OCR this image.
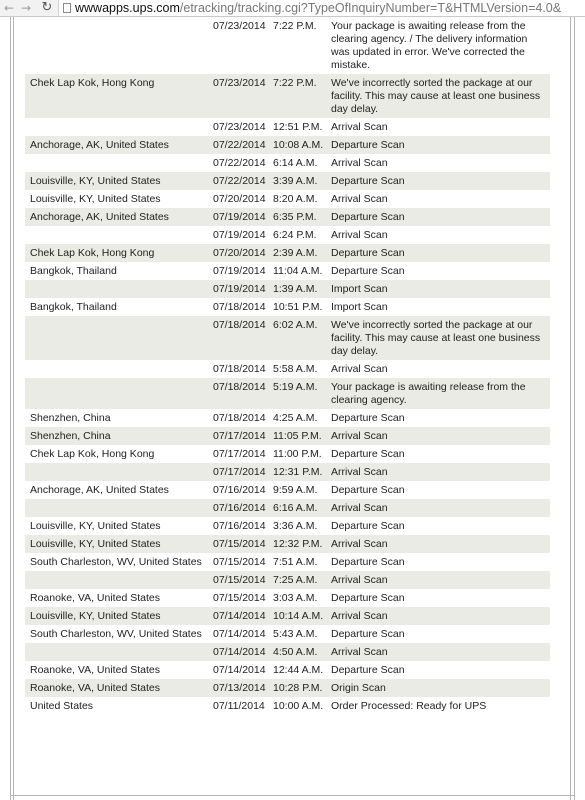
← → ↻ wwwapps.ups.com/etracking/tracking.cgi?TypeOfInquiryNumber=T&HTMLVersion=4.0&
	07/23/2014	7:22 P.M.	Your package is awaiting release from the clearing agency. / The delivery information was updated in error. We've corrected the mistake.
Chek Lap Kok, Hong Kong	07/23/2014	7:22 P.M.	We've incorrectly sorted the package at our facility. This may cause at least one business day delay.
	07/23/2014	12:51 P.M.	Arrival Scan
Anchorage, AK, United States	07/22/2014	10:08 A.M.	Departure Scan
	07/22/2014	6:14 A.M.	Arrival Scan
Louisville, KY, United States	07/22/2014	3:39 A.M.	Departure Scan
Louisville, KY, United States	07/20/2014	8:20 A.M.	Arrival Scan
Anchorage, AK, United States	07/19/2014	6:35 P.M.	Departure Scan
	07/19/2014	6:24 P.M.	Arrival Scan
Chek Lap Kok, Hong Kong	07/20/2014	2:39 A.M.	Departure Scan
Bangkok, Thailand	07/19/2014	11:04 A.M.	Departure Scan
	07/19/2014	1:39 A.M.	Import Scan
Bangkok, Thailand	07/18/2014	10:51 P.M.	Import Scan
	07/18/2014	6:02 A.M.	We've incorrectly sorted the package at our facility. This may cause at least one business day delay.
	07/18/2014	5:58 A.M.	Arrival Scan
	07/18/2014	5:19 A.M.	Your package is awaiting release from the clearing agency.
Shenzhen, China	07/18/2014	4:25 A.M.	Departure Scan
Shenzhen, China	07/17/2014	11:05 P.M.	Arrival Scan
Chek Lap Kok, Hong Kong	07/17/2014	11:00 P.M.	Departure Scan
	07/17/2014	12:31 P.M.	Arrival Scan
Anchorage, AK, United States	07/16/2014	9:59 A.M.	Departure Scan
	07/16/2014	6:16 A.M.	Arrival Scan
Louisville, KY, United States	07/16/2014	3:36 A.M.	Departure Scan
Louisville, KY, United States	07/15/2014	12:32 P.M.	Arrival Scan
South Charleston, WV, United States	07/15/2014	7:51 A.M.	Departure Scan
	07/15/2014	7:25 A.M.	Arrival Scan
Roanoke, VA, United States	07/15/2014	3:03 A.M.	Departure Scan
Louisville, KY, United States	07/14/2014	10:14 A.M.	Arrival Scan
South Charleston, WV, United States	07/14/2014	5:43 A.M.	Departure Scan
	07/14/2014	4:50 A.M.	Arrival Scan
Roanoke, VA, United States	07/14/2014	12:44 A.M.	Departure Scan
Roanoke, VA, United States	07/13/2014	10:28 P.M.	Origin Scan
United States	07/11/2014	10:00 A.M.	Order Processed: Ready for UPS
